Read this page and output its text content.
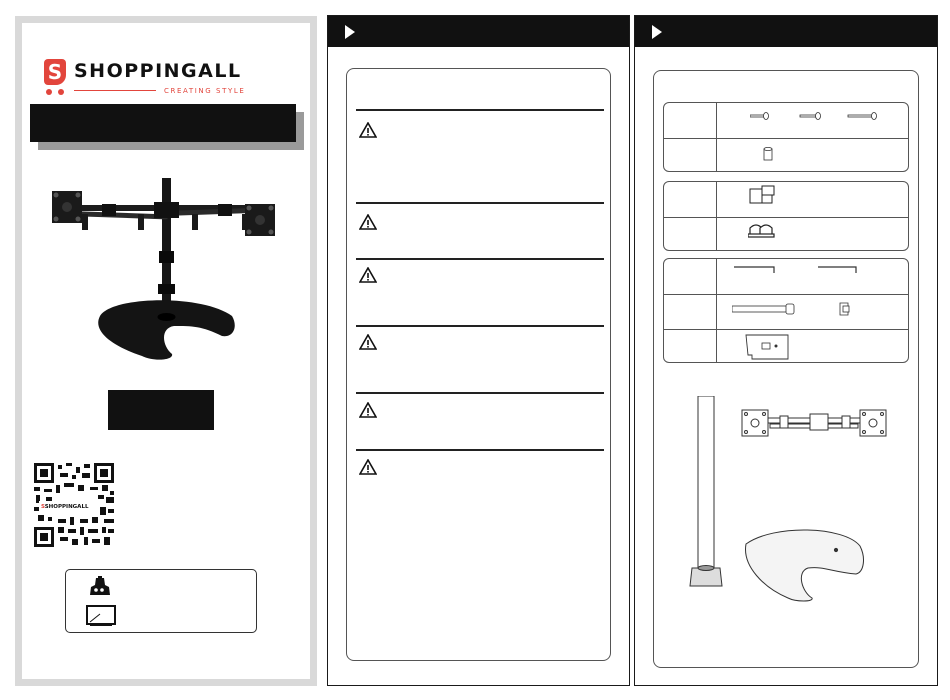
S SHOPPINGALL
CREATING STYLE
SSHOPPINGALL
